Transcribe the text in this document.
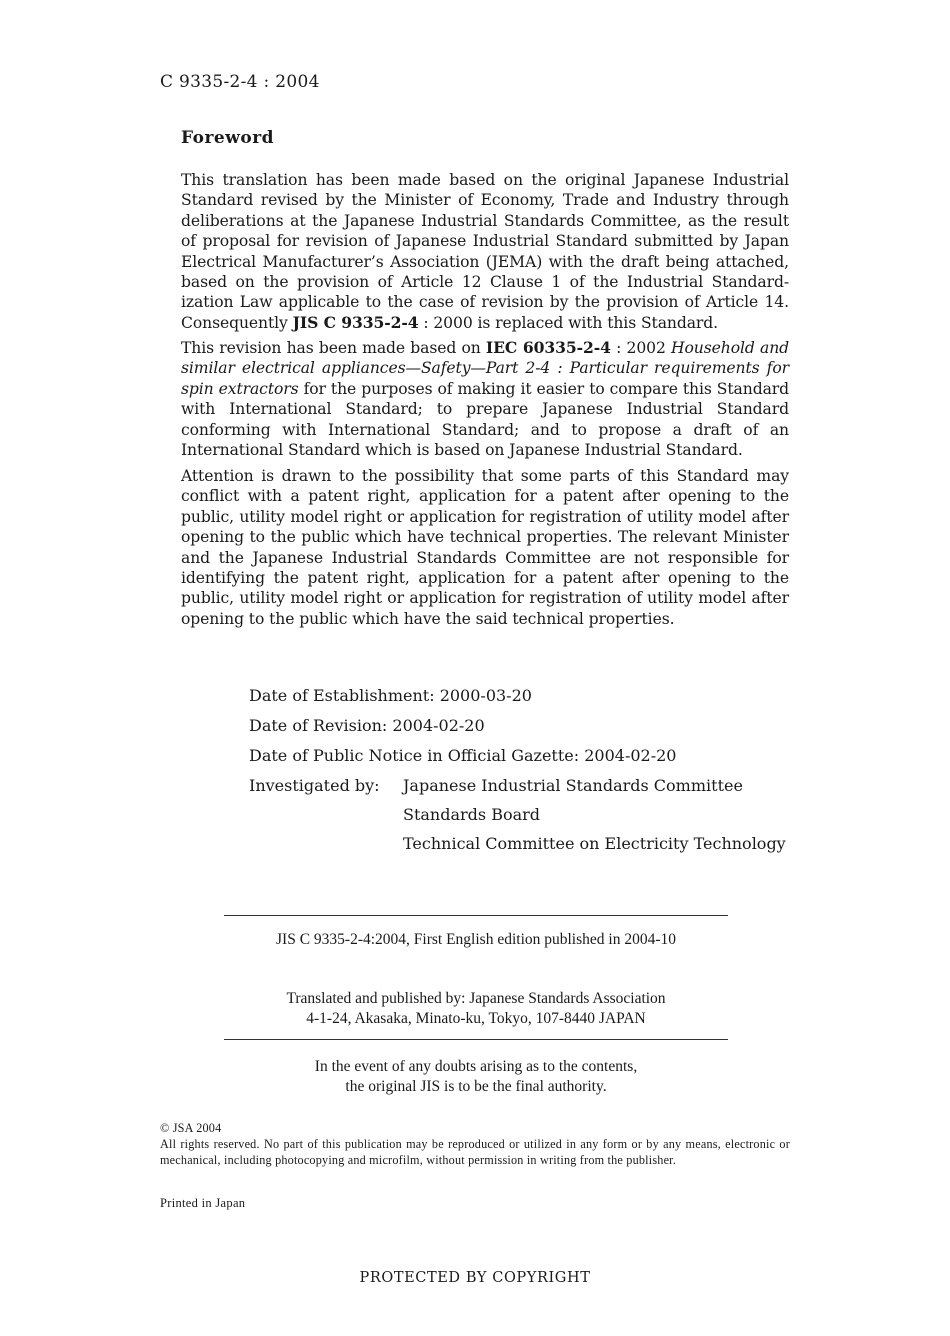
C 9335-2-4 : 2004
Foreword
This translation has been made based on the original Japanese Industrial Standard revised by the Minister of Economy, Trade and Industry through deliberations at the Japanese Industrial Standards Committee, as the result of proposal for revision of Japanese Industrial Standard submitted by Japan Electrical Manufacturer’s Association (JEMA) with the draft being attached, based on the provision of Article 12 Clause 1 of the Industrial Standard-ization Law applicable to the case of revision by the provision of Article 14. Consequently JIS C 9335-2-4 : 2000 is replaced with this Standard.
This revision has been made based on IEC 60335-2-4 : 2002 Household and similar electrical appliances—Safety—Part 2-4 : Particular requirements for spin extractors for the purposes of making it easier to compare this Standard with International Standard; to prepare Japanese Industrial Standard conforming with International Standard; and to propose a draft of an International Standard which is based on Japanese Industrial Standard.
Attention is drawn to the possibility that some parts of this Standard may conflict with a patent right, application for a patent after opening to the public, utility model right or application for registration of utility model after opening to the public which have technical properties. The relevant Minister and the Japanese Industrial Standards Committee are not responsible for identifying the patent right, application for a patent after opening to the public, utility model right or application for registration of utility model after opening to the public which have the said technical properties.
Date of Establishment: 2000-03-20
Date of Revision: 2004-02-20
Date of Public Notice in Official Gazette: 2004-02-20
Investigated by: Japanese Industrial Standards Committee
Standards Board
Technical Committee on Electricity Technology
JIS C 9335-2-4:2004, First English edition published in 2004-10
Translated and published by: Japanese Standards Association
4-1-24, Akasaka, Minato-ku, Tokyo, 107-8440 JAPAN
In the event of any doubts arising as to the contents,
the original JIS is to be the final authority.
© JSA 2004
All rights reserved. No part of this publication may be reproduced or utilized in any form or by any means, electronic or mechanical, including photocopying and microfilm, without permission in writing from the publisher.
Printed in Japan
PROTECTED BY COPYRIGHT
